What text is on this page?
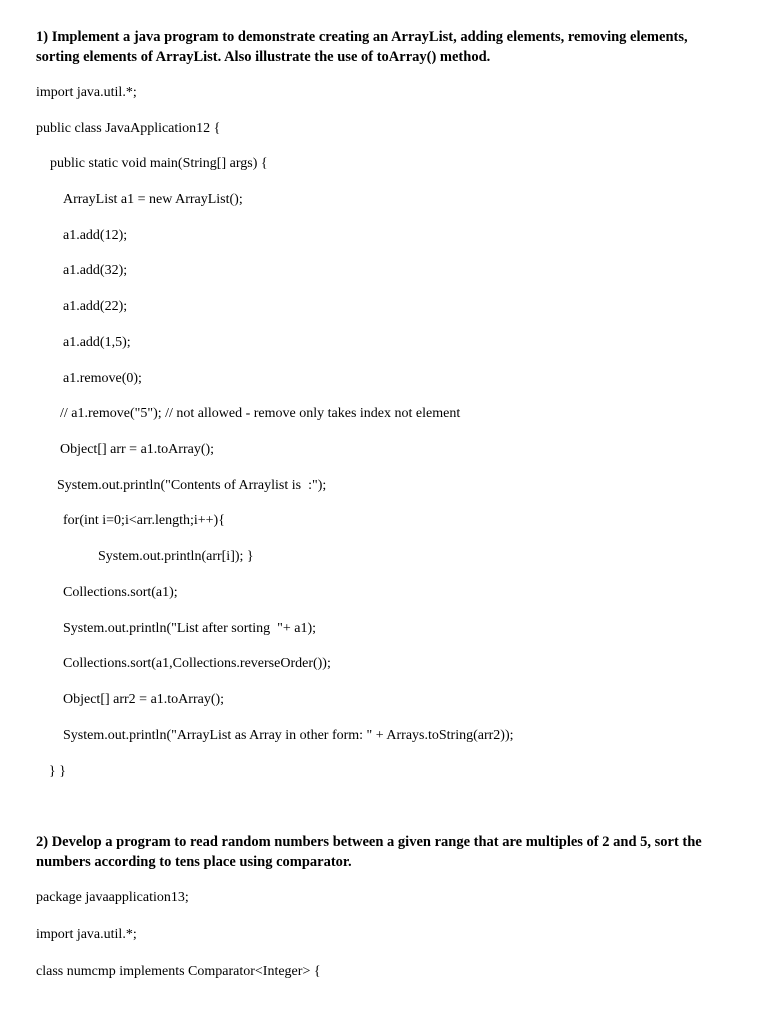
1) Implement a java program to demonstrate creating an ArrayList, adding elements, removing elements, sorting elements of ArrayList. Also illustrate the use of toArray() method.

import java.util.*;

public class JavaApplication12 {

public static void main(String[] args) {

ArrayList a1 = new ArrayList();

a1.add(12);

a1.add(32);

a1.add(22);

a1.add(1,5);

a1.remove(0);

// a1.remove("5"); // not allowed - remove only takes index not element

Object[] arr = a1.toArray();

System.out.println("Contents of Arraylist is  :");

for(int i=0;i<arr.length;i++){

System.out.println(arr[i]); }

Collections.sort(a1);

System.out.println("List after sorting  "+ a1);

Collections.sort(a1,Collections.reverseOrder());

Object[] arr2 = a1.toArray();

System.out.println("ArrayList as Array in other form: " + Arrays.toString(arr2));

} }

2) Develop a program to read random numbers between a given range that are multiples of 2 and 5, sort the numbers according to tens place using comparator.

package javaapplication13;

import java.util.*;

class numcmp implements Comparator<Integer> {
